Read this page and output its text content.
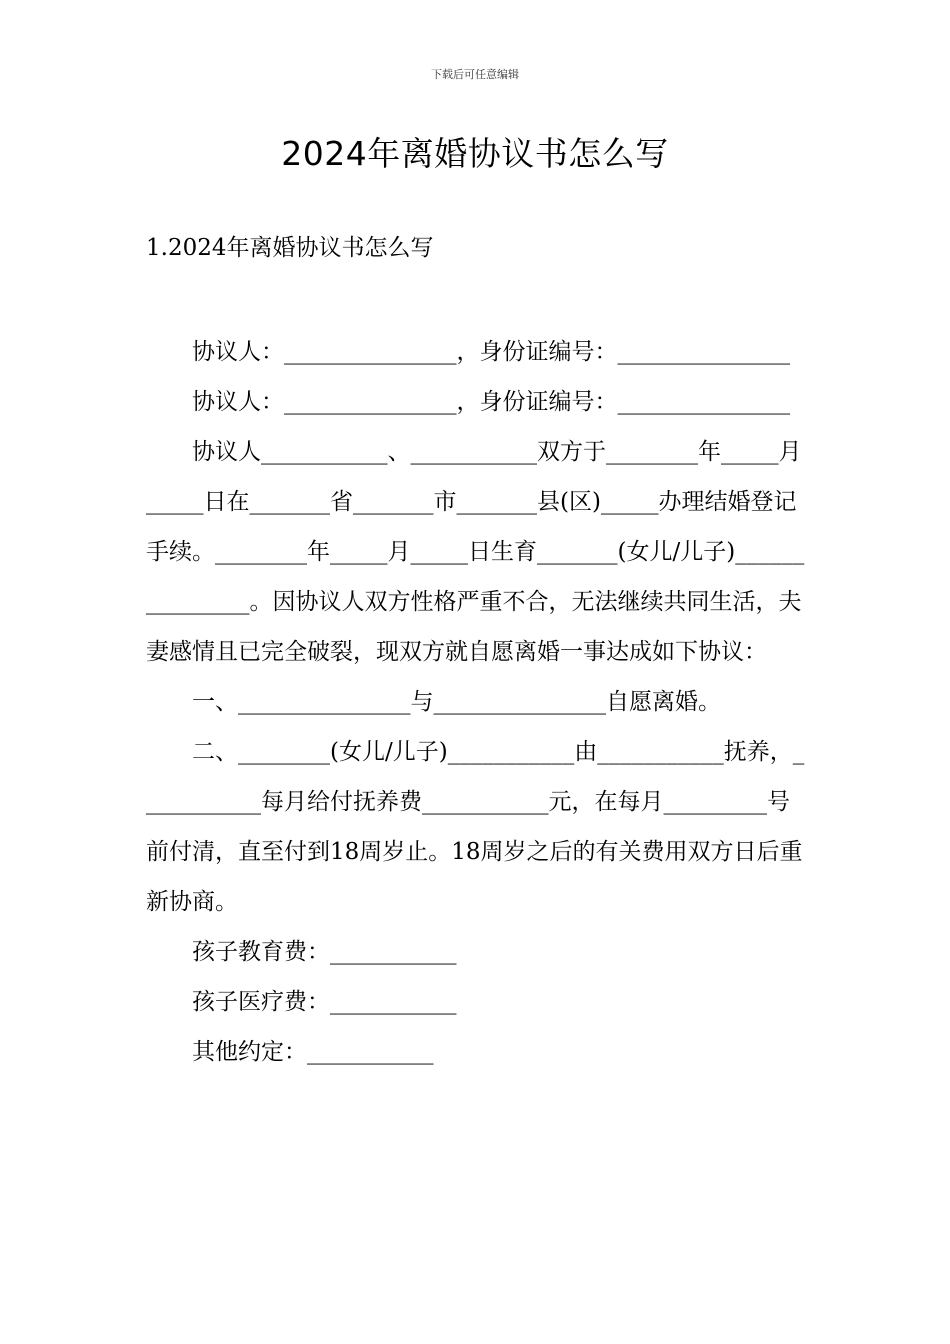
下载后可任意编辑
2024年离婚协议书怎么写
1.2024年离婚协议书怎么写

协议人：_______________，身份证编号：_______________

协议人：_______________，身份证编号：_______________

协议人___________、___________双方于________年_____月_____日在_______省_______市_______县(区)_____办理结婚登记手续。________年_____月_____日生育_______(女儿/儿子)_______________。因协议人双方性格严重不合，无法继续共同生活，夫妻感情且已完全破裂，现双方就自愿离婚一事达成如下协议：

一、_______________与_______________自愿离婚。

二、________(女儿/儿子)___________由___________抚养，___________每月给付抚养费___________元，在每月_________号前付清，直至付到18周岁止。18周岁之后的有关费用双方日后重新协商。

孩子教育费：___________

孩子医疗费：___________

其他约定：___________
